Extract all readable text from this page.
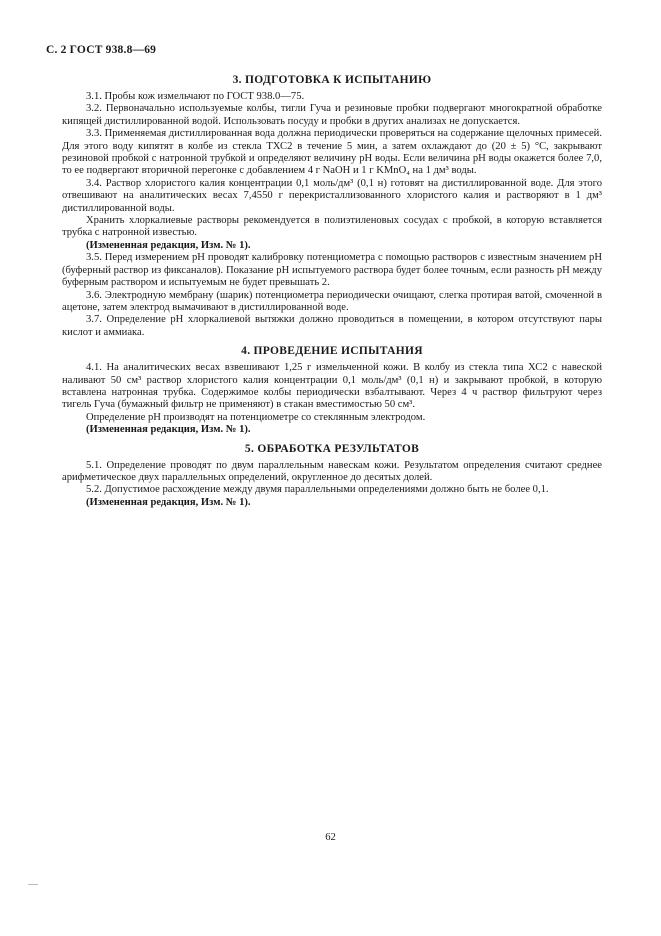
С. 2 ГОСТ 938.8—69
3. ПОДГОТОВКА К ИСПЫТАНИЮ

3.1. Пробы кож измельчают по ГОСТ 938.0—75.

3.2. Первоначально используемые колбы, тигли Гуча и резиновые пробки подвергают многократной обработке кипящей дистиллированной водой. Использовать посуду и пробки в других анализах не допускается.

3.3. Применяемая дистиллированная вода должна периодически проверяться на содержание щелочных примесей. Для этого воду кипятят в колбе из стекла ТХС2 в течение 5 мин, а затем охлаждают до (20 ± 5) °С, закрывают резиновой пробкой с натронной трубкой и определяют величину pH воды. Если величина pH воды окажется более 7,0, то ее подвергают вторичной перегонке с добавлением 4 г NaOH и 1 г KMnO₄ на 1 дм³ воды.

3.4. Раствор хлористого калия концентрации 0,1 моль/дм³ (0,1 н) готовят на дистиллированной воде. Для этого отвешивают на аналитических весах 7,4550 г перекристаллизованного хлористого калия и растворяют в 1 дм³ дистиллированной воды.

Хранить хлоркалиевые растворы рекомендуется в полиэтиленовых сосудах с пробкой, в которую вставляется трубка с натронной известью.

(Измененная редакция, Изм. № 1).

3.5. Перед измерением pH проводят калибровку потенциометра с помощью растворов с известным значением pH (буферный раствор из фиксаналов). Показание pH испытуемого раствора будет более точным, если разность pH между буферным раствором и испытуемым не будет превышать 2.

3.6. Электродную мембрану (шарик) потенциометра периодически очищают, слегка протирая ватой, смоченной в ацетоне, затем электрод вымачивают в дистиллированной воде.

3.7. Определение pH хлоркалиевой вытяжки должно проводиться в помещении, в котором отсутствуют пары кислот и аммиака.

4. ПРОВЕДЕНИЕ ИСПЫТАНИЯ

4.1. На аналитических весах взвешивают 1,25 г измельченной кожи. В колбу из стекла типа ХС2 с навеской наливают 50 см³ раствор хлористого калия концентрации 0,1 моль/дм³ (0,1 н) и закрывают пробкой, в которую вставлена натронная трубка. Содержимое колбы периодически взбалтывают. Через 4 ч раствор фильтруют через тигель Гуча (бумажный фильтр не применяют) в стакан вместимостью 50 см³.

Определение pH производят на потенциометре со стеклянным электродом.

(Измененная редакция, Изм. № 1).

5. ОБРАБОТКА РЕЗУЛЬТАТОВ

5.1. Определение проводят по двум параллельным навескам кожи. Результатом определения считают среднее арифметическое двух параллельных определений, округленное до десятых долей.

5.2. Допустимое расхождение между двумя параллельными определениями должно быть не более 0,1.

(Измененная редакция, Изм. № 1).

62
